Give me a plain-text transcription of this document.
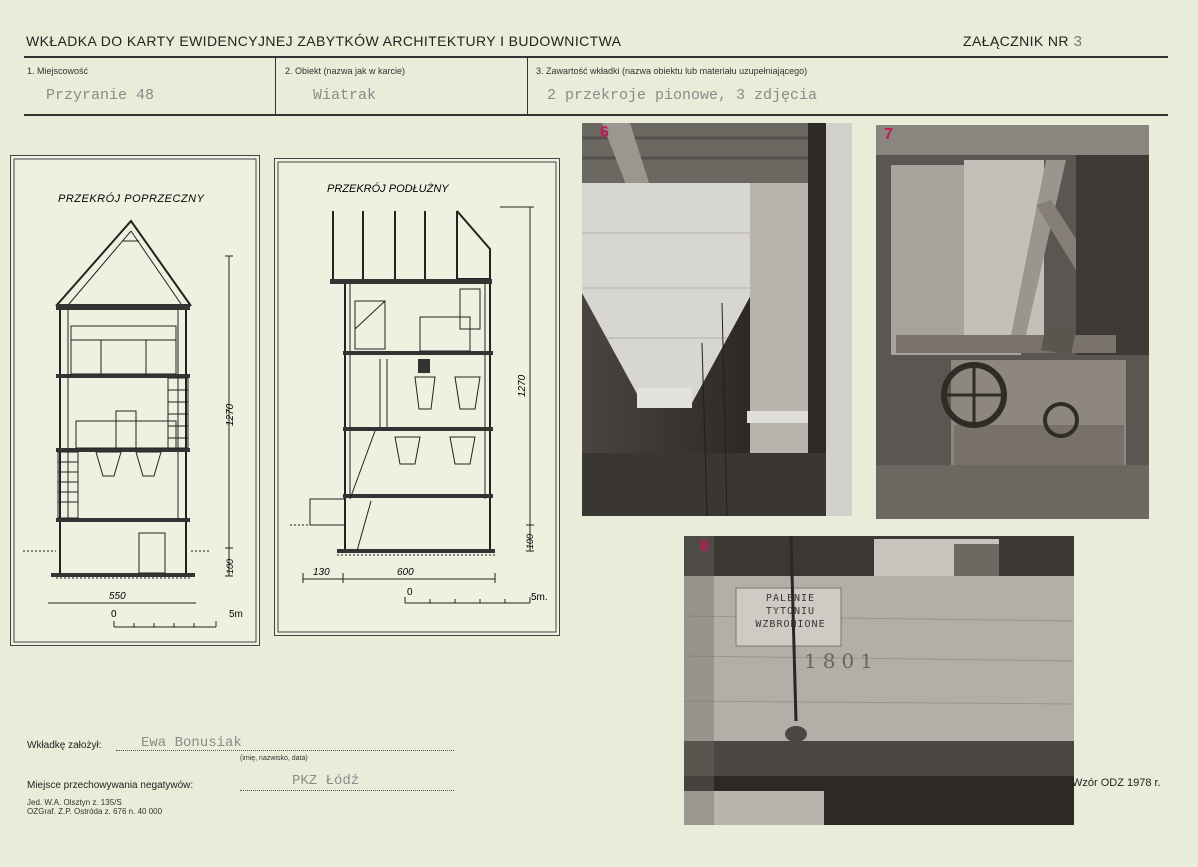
WKŁADKA DO KARTY EWIDENCYJNEJ ZABYTKÓW ARCHITEKTURY I BUDOWNICTWA	ZAŁĄCZNIK NR 3
1. Miejscowość
Przyranie 48
2. Obiekt (nazwa jak w karcie)
Wiatrak
3. Zawartość wkładki (nazwa obiektu lub materiału uzupełniającego)
2 przekroje pionowe, 3 zdjęcia
PRZEKRÓJ POPRZECZNY
1270
100
550
0	5m
PRZEKRÓJ PODŁUŻNY
1270
100
130	600
0	5m.
6	7
PALENIE
TYTONIU
WZBRONIONE
1801
8
Wkładkę założył:	Ewa Bonusiak
(imię, nazwisko, data)
Miejsce przechowywania negatywów:	PKZ Łódź
Jed. W.A. Olsztyn z. 135/S
OZGraf. Z.P. Ostróda z. 676 n. 40 000
Wzór ODZ 1978 r.
